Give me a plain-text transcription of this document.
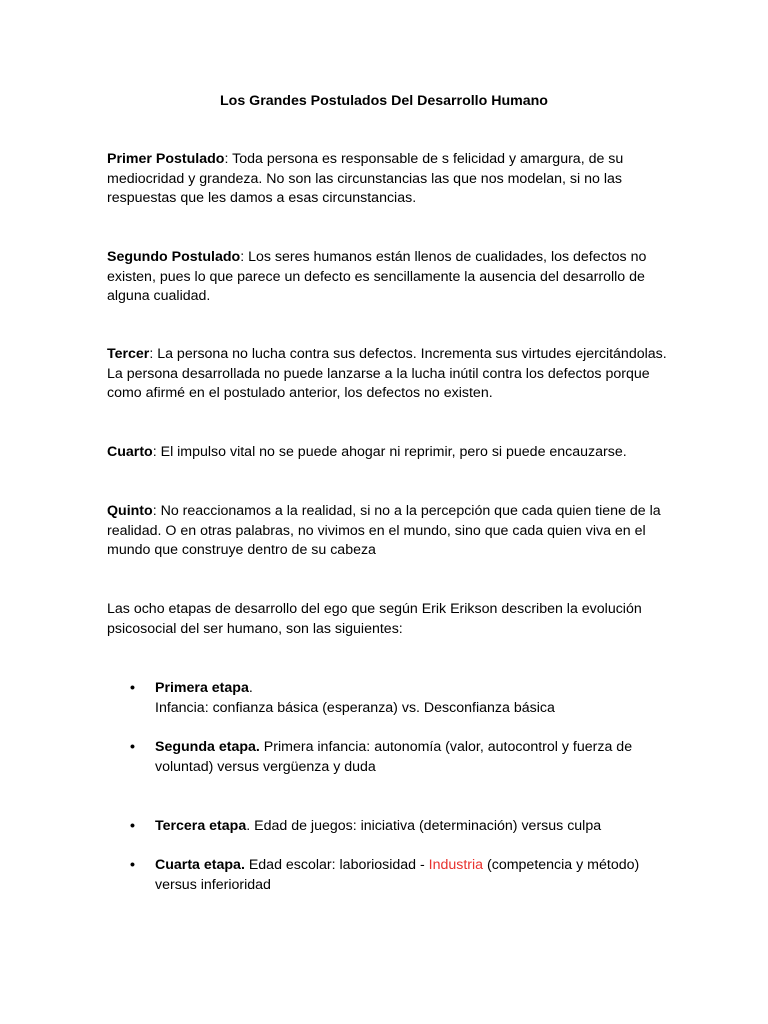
Los Grandes Postulados Del Desarrollo Humano

Primer Postulado: Toda persona es responsable de s felicidad y amargura, de su mediocridad y grandeza. No son las circunstancias las que nos modelan, si no las respuestas que les damos a esas circunstancias.

Segundo Postulado: Los seres humanos están llenos de cualidades, los defectos no existen, pues lo que parece un defecto es sencillamente la ausencia del desarrollo de alguna cualidad.

Tercer: La persona no lucha contra sus defectos. Incrementa sus virtudes ejercitándolas. La persona desarrollada no puede lanzarse a la lucha inútil contra los defectos porque como afirmé en el postulado anterior, los defectos no existen.

Cuarto: El impulso vital no se puede ahogar ni reprimir, pero si puede encauzarse.

Quinto: No reaccionamos a la realidad, si no a la percepción que cada quien tiene de la realidad. O en otras palabras, no vivimos en el mundo, sino que cada quien viva en el mundo que construye dentro de su cabeza

Las ocho etapas de desarrollo del ego que según Erik Erikson describen la evolución psicosocial del ser humano, son las siguientes:

• Primera etapa.
Infancia: confianza básica (esperanza) vs. Desconfianza básica
• Segunda etapa. Primera infancia: autonomía (valor, autocontrol y fuerza de voluntad) versus vergüenza y duda
• Tercera etapa. Edad de juegos: iniciativa (determinación) versus culpa
• Cuarta etapa. Edad escolar: laboriosidad - Industria (competencia y método) versus inferioridad
